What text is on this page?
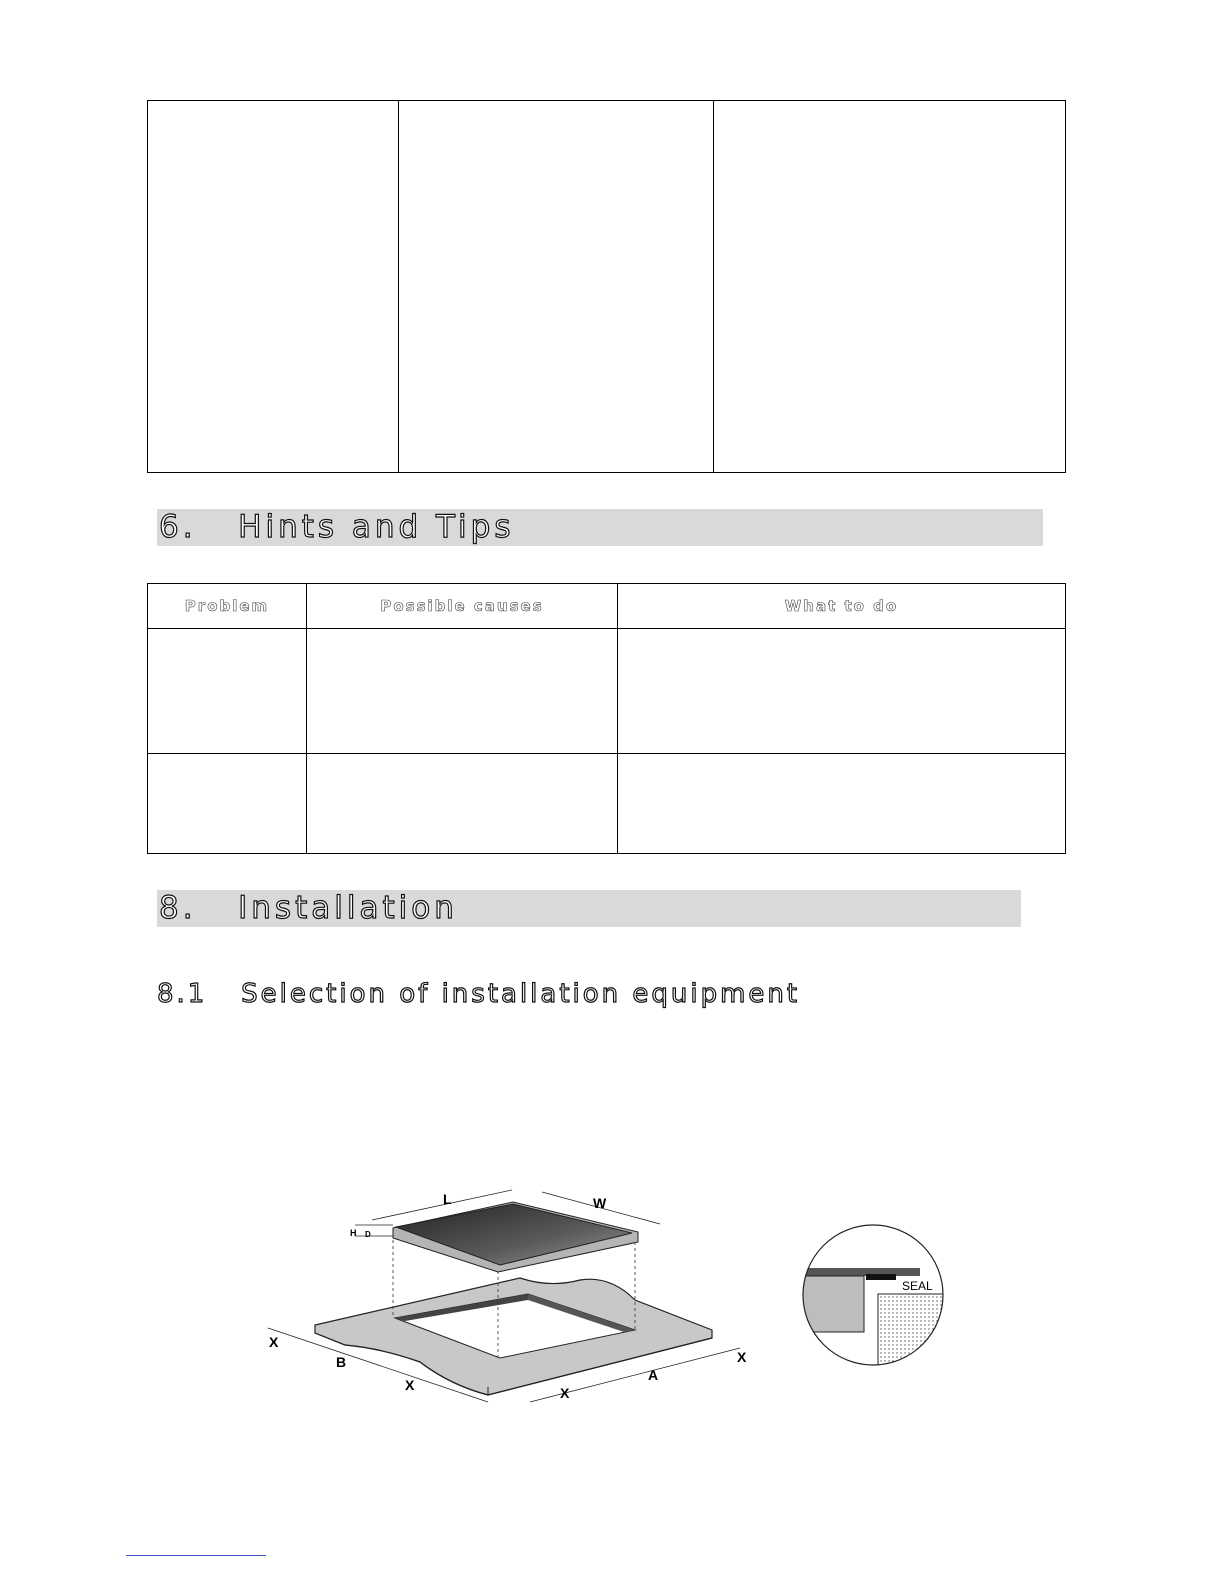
6. Hints and Tips
Problem	Possible causes	What to do

8. Installation
8.1 Selection of installation equipment
L	W
H D
X
B
X	X
A
X
SEAL
